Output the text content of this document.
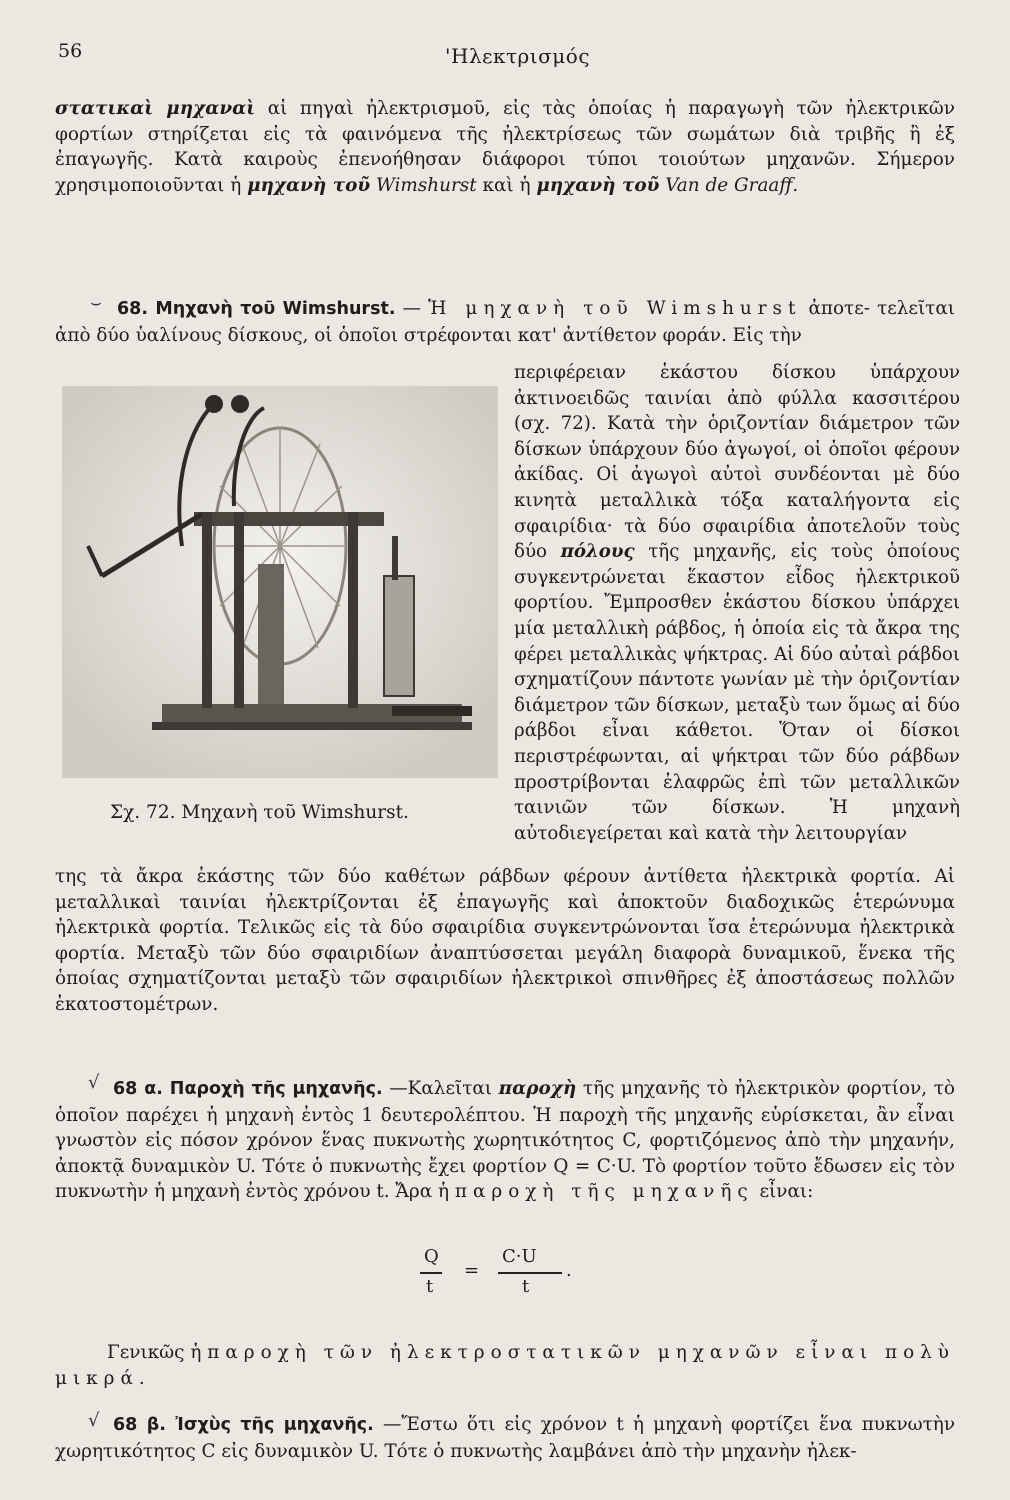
56	'Ηλεκτρισμός
στατικαὶ μηχαναὶ αἱ πηγαὶ ἠλεκτρισμοῦ, εἰς τὰς ὁποίας ἡ παραγωγὴ τῶν ἠλεκτρικῶν φορτίων στηρίζεται εἰς τὰ φαινόμενα τῆς ἠλεκτρίσεως τῶν σωμάτων διὰ τριβῆς ἢ ἐξ ἐπαγωγῆς. Κατὰ καιροὺς ἐπενοήθησαν διάφοροι τύποι τοιούτων μηχανῶν. Σήμερον χρησιμοποιοῦνται ἡ μηχανὴ τοῦ Wimshurst καὶ ἡ μηχανὴ τοῦ Van de Graaff.
⌣ 68. Μηχανὴ τοῦ Wimshurst. — Ἡ μηχανὴ τοῦ Wimshurst ἀποτε- τελεῖται ἀπὸ δύο ὑαλίνους δίσκους, οἱ ὁποῖοι στρέφονται κατ' ἀντίθετον φοράν. Εἰς τὴν
Σχ. 72. Μηχανὴ τοῦ Wimshurst.
περιφέρειαν ἑκάστου δίσκου ὑπάρχουν ἀκτινοειδῶς ταινίαι ἀπὸ φύλλα κασσιτέρου (σχ. 72). Κατὰ τὴν ὁριζοντίαν διάμετρον τῶν δίσκων ὑπάρχουν δύο ἀγωγοί, οἱ ὁποῖοι φέρουν ἀκίδας. Οἱ ἀγωγοὶ αὐτοὶ συνδέονται μὲ δύο κινητὰ μεταλλικὰ τόξα καταλήγοντα εἰς σφαιρίδια· τὰ δύο σφαιρίδια ἀποτελοῦν τοὺς δύο πόλους τῆς μηχανῆς, εἰς τοὺς ὁποίους συγκεντρώνεται ἕκαστον εἶδος ἠλεκτρικοῦ φορτίου. Ἔμπροσθεν ἑκάστου δίσκου ὑπάρχει μία μεταλλικὴ ράβδος, ἡ ὁποία εἰς τὰ ἄκρα της φέρει μεταλλικὰς ψήκτρας. Αἱ δύο αὐταὶ ράβδοι σχηματίζουν πάντοτε γωνίαν μὲ τὴν ὁριζοντίαν διάμετρον τῶν δίσκων, μεταξὺ των ὅμως αἱ δύο ράβδοι εἶναι κάθετοι. Ὅταν οἱ δίσκοι περιστρέφωνται, αἱ ψήκτραι τῶν δύο ράβδων προστρίβονται ἐλαφρῶς ἐπὶ τῶν μεταλλικῶν ταινιῶν τῶν δίσκων. Ἡ μηχανὴ αὐτοδιεγείρεται καὶ κατὰ τὴν λειτουργίαν
της τὰ ἄκρα ἑκάστης τῶν δύο καθέτων ράβδων φέρουν ἀντίθετα ἠλεκτρικὰ φορτία. Αἱ μεταλλικαὶ ταινίαι ἠλεκτρίζονται ἐξ ἐπαγωγῆς καὶ ἀποκτοῦν διαδοχικῶς ἑτερώνυμα ἠλεκτρικὰ φορτία. Τελικῶς εἰς τὰ δύο σφαιρίδια συγκεντρώνονται ἴσα ἑτερώνυμα ἠλεκτρικὰ φορτία. Μεταξὺ τῶν δύο σφαιριδίων ἀναπτύσσεται μεγάλη διαφορὰ δυναμικοῦ, ἕνεκα τῆς ὁποίας σχηματίζονται μεταξὺ τῶν σφαιριδίων ἠλεκτρικοὶ σπινθῆρες ἐξ ἀποστάσεως πολλῶν ἑκατοστομέτρων.
√ 68 α. Παροχὴ τῆς μηχανῆς. —Καλεῖται παροχὴ τῆς μηχανῆς τὸ ἠλεκτρικὸν φορτίον, τὸ ὁποῖον παρέχει ἡ μηχανὴ ἐντὸς 1 δευτερολέπτου. Ἡ παροχὴ τῆς μηχανῆς εὑρίσκεται, ἂν εἶναι γνωστὸν εἰς πόσον χρόνον ἕνας πυκνωτὴς χωρητικότητος C, φορτιζόμενος ἀπὸ τὴν μηχανήν, ἀποκτᾷ δυναμικὸν U. Τότε ὁ πυκνωτὴς ἔχει φορτίον Q = C·U. Τὸ φορτίον τοῦτο ἔδωσεν εἰς τὸν πυκνωτὴν ἡ μηχανὴ ἐντὸς χρόνου t. Ἄρα ἡ παροχὴ τῆς μηχανῆς εἶναι:
Q
t
=
C·U
t
.
Γενικῶς ἡ παροχὴ τῶν ἠλεκτροστατικῶν μηχανῶν εἶναι πολὺ μικρά.
√ 68 β. Ἰσχὺς τῆς μηχανῆς. —Ἔστω ὅτι εἰς χρόνον t ἡ μηχανὴ φορτίζει ἕνα πυκνωτὴν χωρητικότητος C εἰς δυναμικὸν U. Τότε ὁ πυκνωτὴς λαμβάνει ἀπὸ τὴν μηχανὴν ἠλεκ-
